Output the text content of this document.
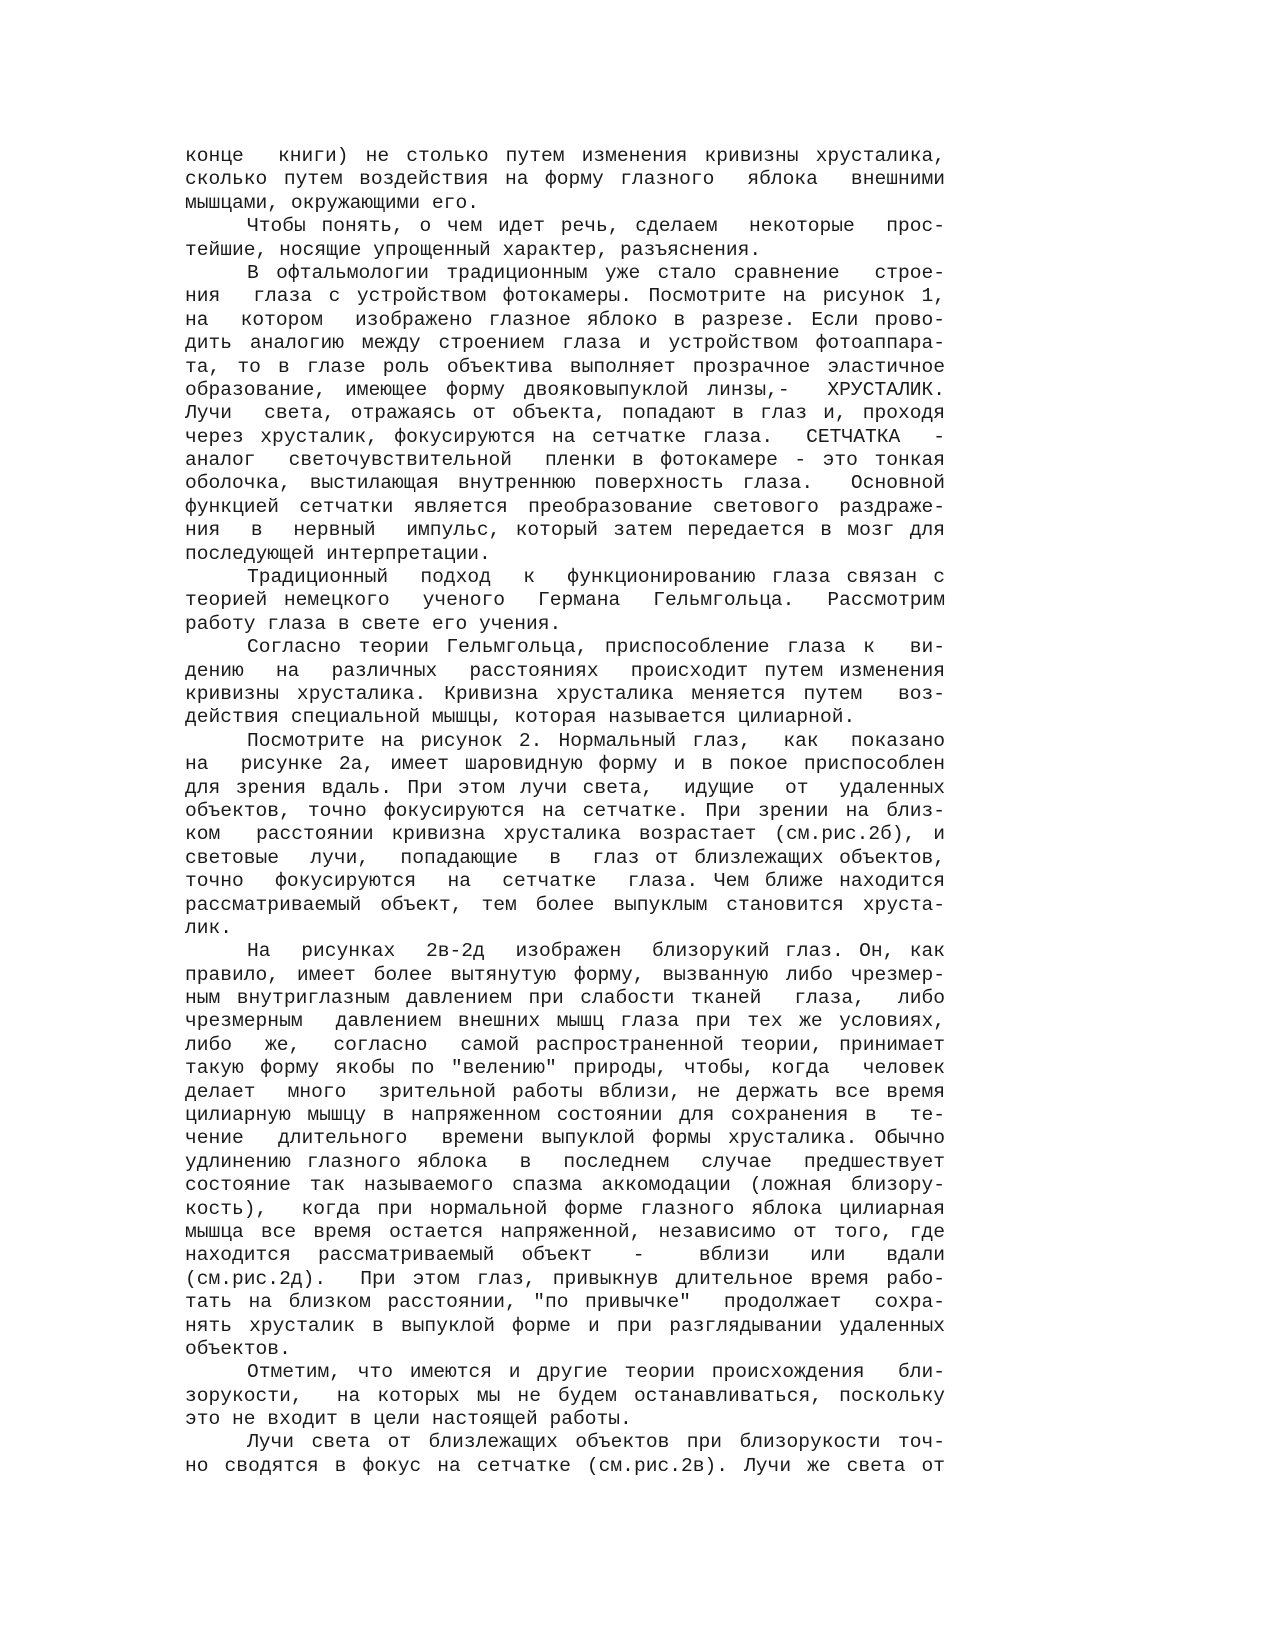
конце  книги) не столько путем изменения кривизны хрусталика,
сколько путем воздействия на форму глазного  яблока  внешними
мышцами, окружающими его.
Чтобы понять, о чем идет речь, сделаем  некоторые  прос-
тейшие, носящие упрощенный характер, разъяснения.
В офтальмологии традиционным уже стало сравнение  строе-
ния  глаза с устройством фотокамеры. Посмотрите на рисунок 1,
на  котором  изображено глазное яблоко в разрезе. Если прово-
дить аналогию между строением глаза и устройством фотоаппара-
та, то в глазе роль объектива выполняет прозрачное эластичное
образование, имеющее форму двояковыпуклой линзы,-  ХРУСТАЛИК.
Лучи  света, отражаясь от объекта, попадают в глаз и, проходя
через хрусталик, фокусируются на сетчатке глаза.  СЕТЧАТКА  -
аналог  светочувствительной  пленки в фотокамере - это тонкая
оболочка, выстилающая внутреннюю поверхность глаза.  Основной
функцией сетчатки является преобразование светового раздраже-
ния  в  нервный  импульс, который затем передается в мозг для
последующей интерпретации.
Традиционный  подход  к  функционированию глаза связан с
теорией немецкого  ученого  Германа  Гельмгольца.  Рассмотрим
работу глаза в свете его учения.
Согласно теории Гельмгольца, приспособление глаза к  ви-
дению  на  различных  расстояниях  происходит путем изменения
кривизны хрусталика. Кривизна хрусталика меняется путем  воз-
действия специальной мышцы, которая называется цилиарной.
Посмотрите на рисунок 2. Нормальный глаз,  как  показано
на  рисунке 2а, имеет шаровидную форму и в покое приспособлен
для зрения вдаль. При этом лучи света,  идущие  от  удаленных
объектов, точно фокусируются на сетчатке. При зрении на близ-
ком  расстоянии кривизна хрусталика возрастает (см.рис.2б), и
световые  лучи,  попадающие  в  глаз от близлежащих объектов,
точно  фокусируются  на  сетчатке  глаза. Чем ближе находится
рассматриваемый объект, тем более выпуклым становится хруста-
лик.
На  рисунках  2в-2д  изображен  близорукий глаз. Он, как
правило, имеет более вытянутую форму, вызванную либо чрезмер-
ным внутриглазным давлением при слабости тканей  глаза,  либо
чрезмерным  давлением внешних мышц глаза при тех же условиях,
либо  же,  согласно  самой распространенной теории, принимает
такую форму якобы по "велению" природы, чтобы, когда  человек
делает  много  зрительной работы вблизи, не держать все время
цилиарную мышцу в напряженном состоянии для сохранения в  те-
чение  длительного  времени выпуклой формы хрусталика. Обычно
удлинению глазного яблока  в  последнем  случае  предшествует
состояние так называемого спазма аккомодации (ложная близору-
кость),  когда при нормальной форме глазного яблока цилиарная
мышца все время остается напряженной, независимо от того, где
находится  рассматриваемый  объект   -    вблизи   или   вдали
(см.рис.2д).  При этом глаз, привыкнув длительное время рабо-
тать на близком расстоянии, "по привычке"  продолжает  сохра-
нять хрусталик в выпуклой форме и при разглядывании удаленных
объектов.
Отметим, что имеются и другие теории происхождения  бли-
зорукости,  на которых мы не будем останавливаться, поскольку
это не входит в цели настоящей работы.
Лучи света от близлежащих объектов при близорукости точ-
но сводятся в фокус на сетчатке (см.рис.2в). Лучи же света от
